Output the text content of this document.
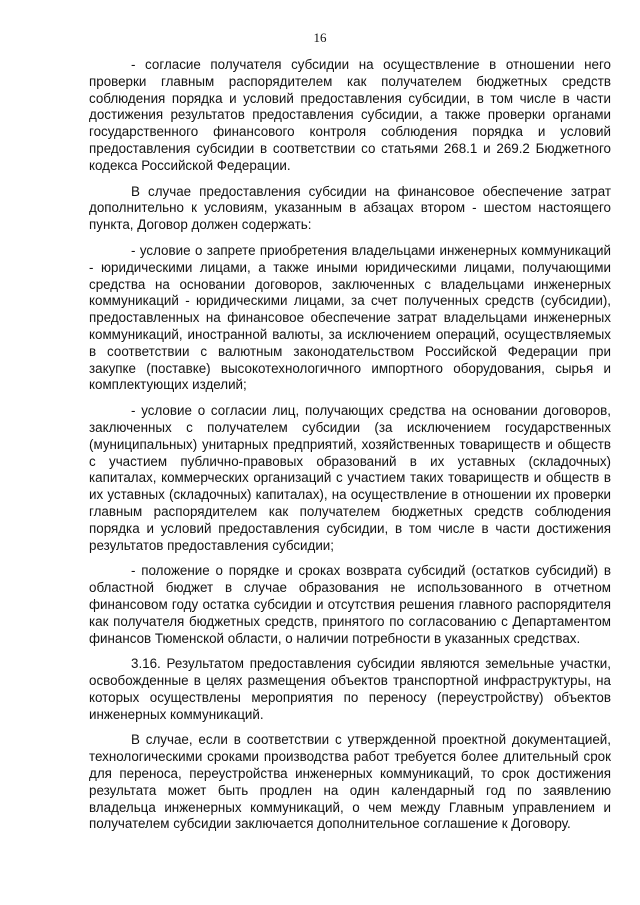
16

- согласие получателя субсидии на осуществление в отношении него проверки главным распорядителем как получателем бюджетных средств соблюдения порядка и условий предоставления субсидии, в том числе в части достижения результатов предоставления субсидии, а также проверки органами государственного финансового контроля соблюдения порядка и условий предоставления субсидии в соответствии со статьями 268.1 и 269.2 Бюджетного кодекса Российской Федерации.

В случае предоставления субсидии на финансовое обеспечение затрат дополнительно к условиям, указанным в абзацах втором - шестом настоящего пункта, Договор должен содержать:

- условие о запрете приобретения владельцами инженерных коммуникаций - юридическими лицами, а также иными юридическими лицами, получающими средства на основании договоров, заключенных с владельцами инженерных коммуникаций - юридическими лицами, за счет полученных средств (субсидии), предоставленных на финансовое обеспечение затрат владельцами инженерных коммуникаций, иностранной валюты, за исключением операций, осуществляемых в соответствии с валютным законодательством Российской Федерации при закупке (поставке) высокотехнологичного импортного оборудования, сырья и комплектующих изделий;

- условие о согласии лиц, получающих средства на основании договоров, заключенных с получателем субсидии (за исключением государственных (муниципальных) унитарных предприятий, хозяйственных товариществ и обществ с участием публично-правовых образований в их уставных (складочных) капиталах, коммерческих организаций с участием таких товариществ и обществ в их уставных (складочных) капиталах), на осуществление в отношении их проверки главным распорядителем как получателем бюджетных средств соблюдения порядка и условий предоставления субсидии, в том числе в части достижения результатов предоставления субсидии;

- положение о порядке и сроках возврата субсидий (остатков субсидий) в областной бюджет в случае образования не использованного в отчетном финансовом году остатка субсидии и отсутствия решения главного распорядителя как получателя бюджетных средств, принятого по согласованию с Департаментом финансов Тюменской области, о наличии потребности в указанных средствах.

3.16. Результатом предоставления субсидии являются земельные участки, освобожденные в целях размещения объектов транспортной инфраструктуры, на которых осуществлены мероприятия по переносу (переустройству) объектов инженерных коммуникаций.

В случае, если в соответствии с утвержденной проектной документацией, технологическими сроками производства работ требуется более длительный срок для переноса, переустройства инженерных коммуникаций, то срок достижения результата может быть продлен на один календарный год по заявлению владельца инженерных коммуникаций, о чем между Главным управлением и получателем субсидии заключается дополнительное соглашение к Договору.
